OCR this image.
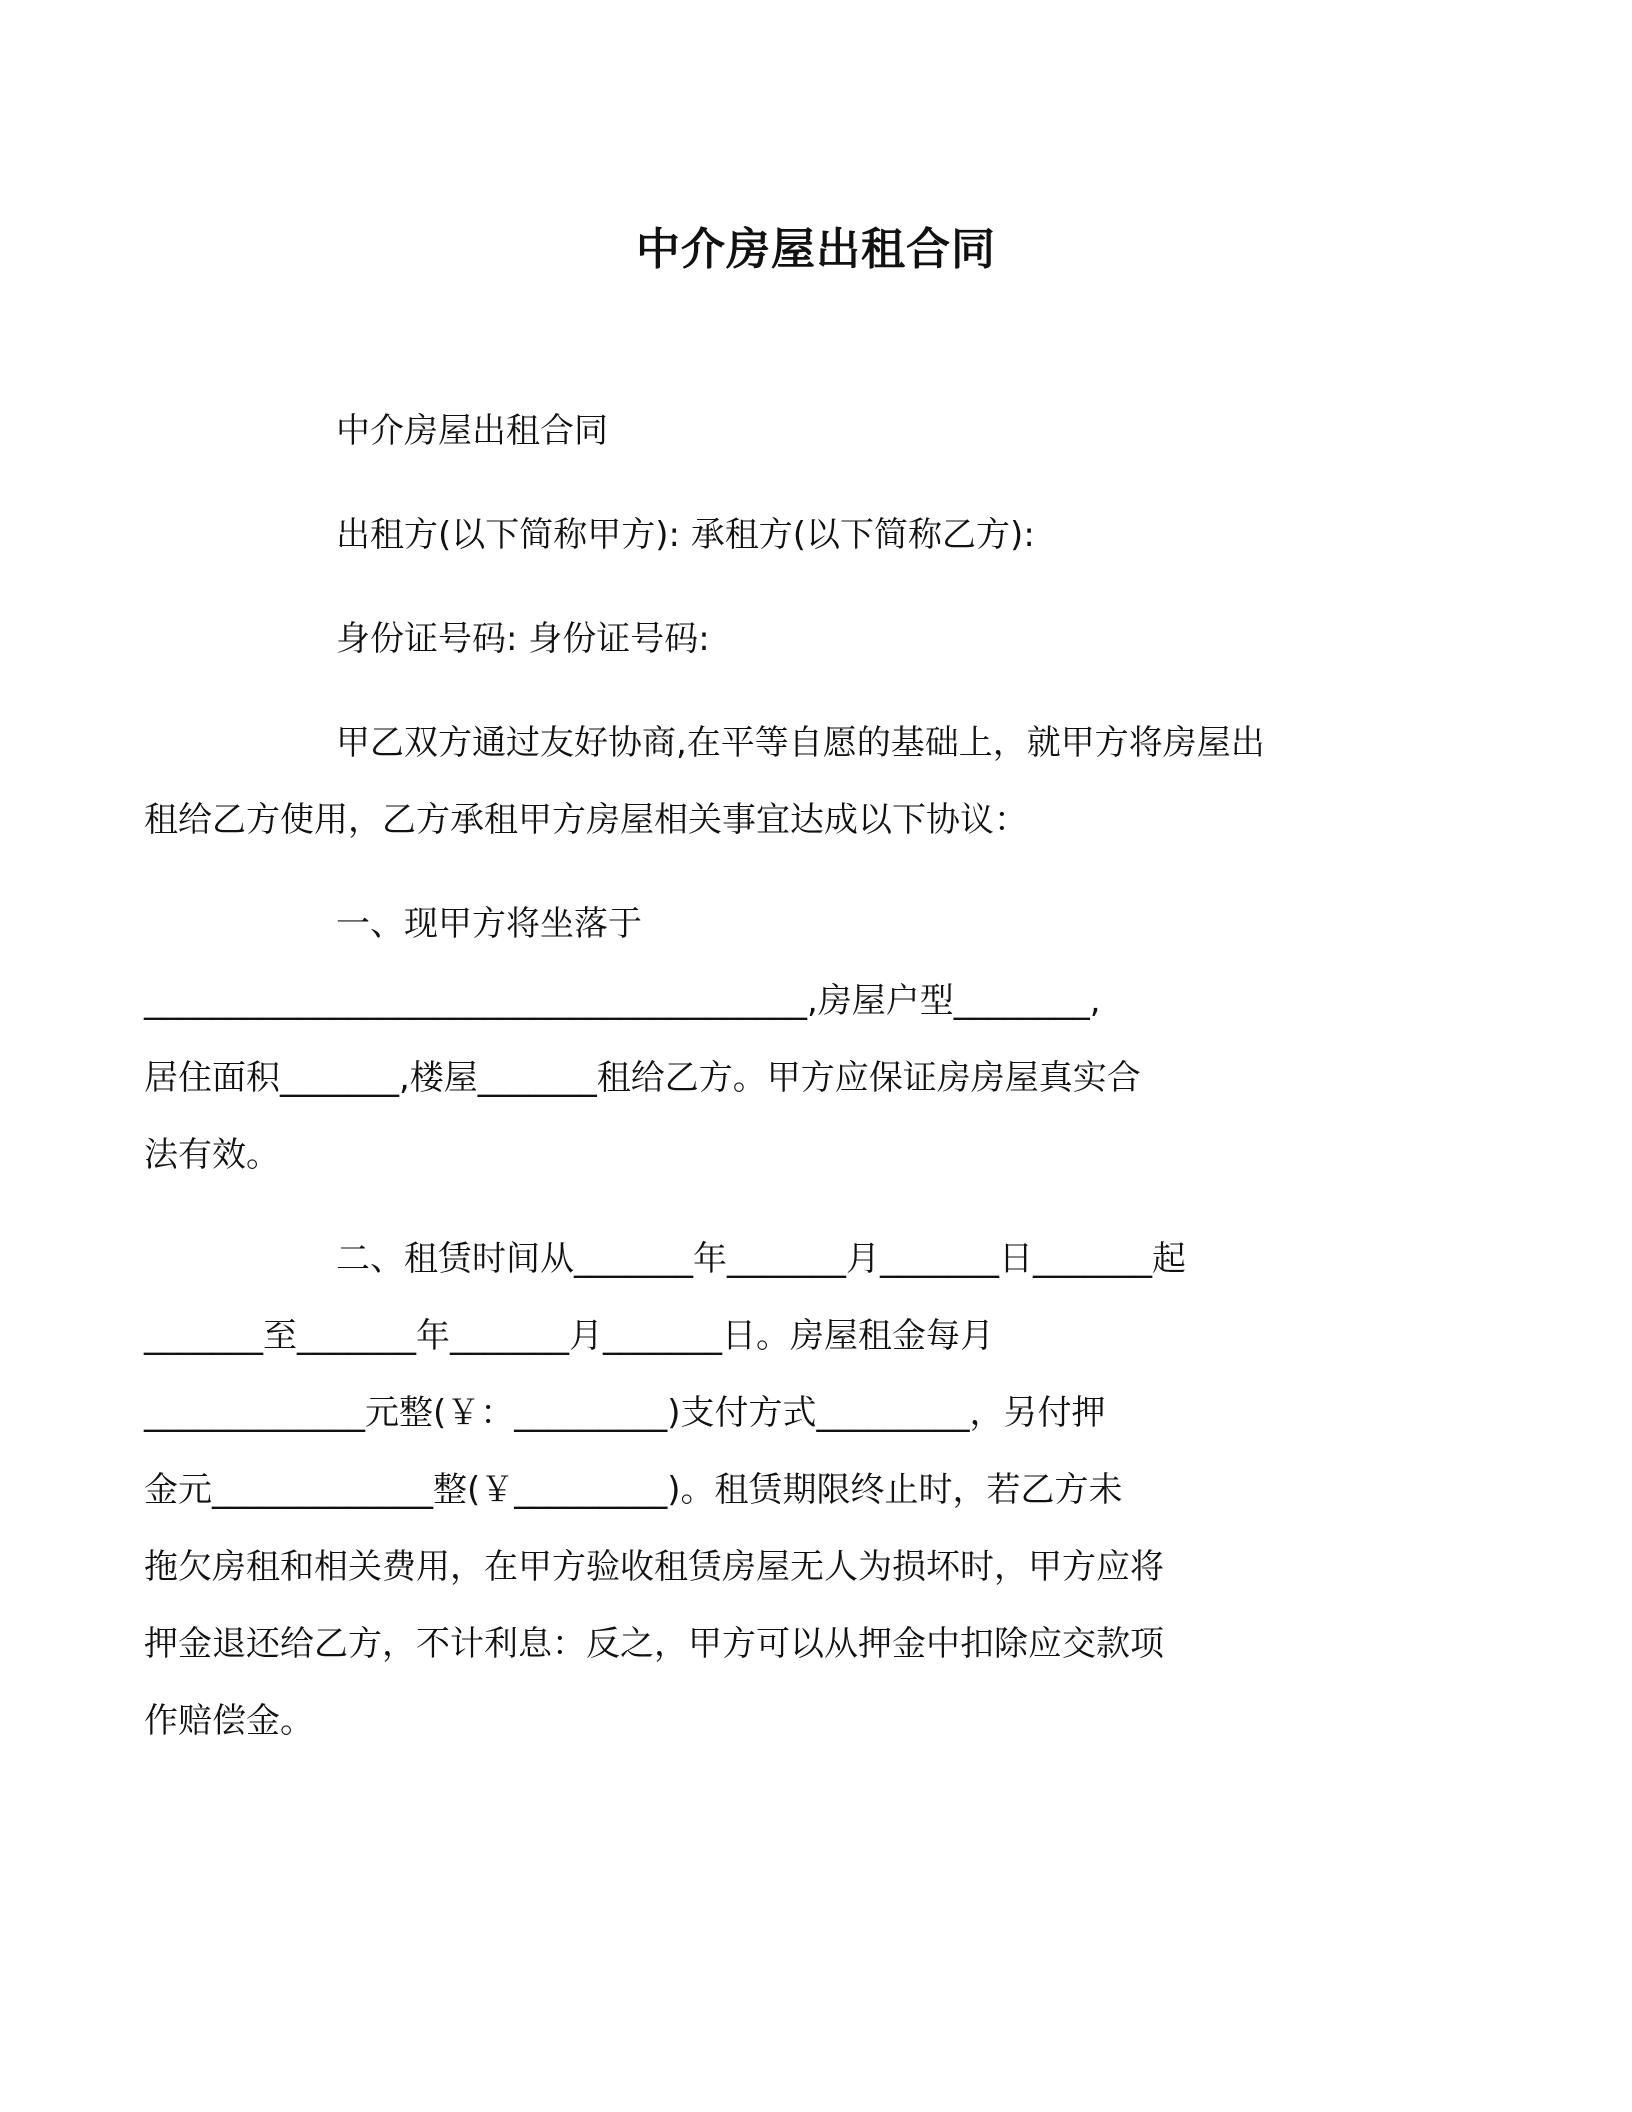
中介房屋出租合同
中介房屋出租合同
出租方(以下简称甲方): 承租方(以下简称乙方):
身份证号码: 身份证号码:
甲乙双方通过友好协商,在平等自愿的基础上，就甲方将房屋出
租给乙方使用，乙方承租甲方房屋相关事宜达成以下协议：
一、现甲方将坐落于
_______________________________________,房屋户型________,
居住面积_______,楼屋_______租给乙方。甲方应保证房房屋真实合
法有效。
二、租赁时间从_______年_______月_______日_______起
_______至_______年_______月_______日。房屋租金每月
_____________元整(￥：_________)支付方式_________，另付押
金元_____________整(￥_________)。租赁期限终止时，若乙方未
拖欠房租和相关费用，在甲方验收租赁房屋无人为损坏时，甲方应将
押金退还给乙方，不计利息：反之，甲方可以从押金中扣除应交款项
作赔偿金。
